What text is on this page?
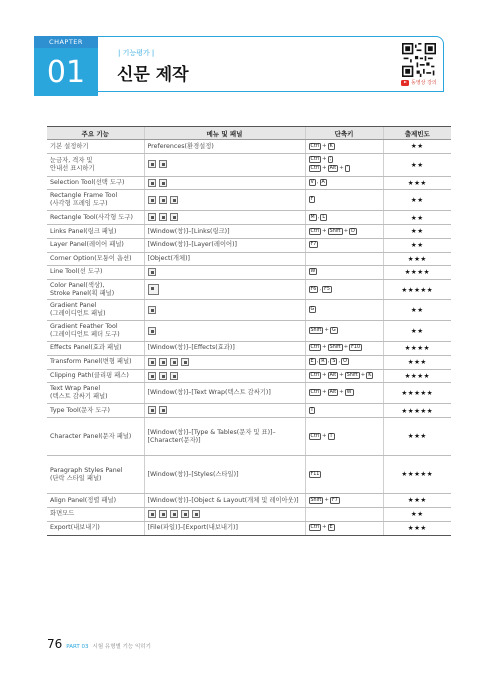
CHAPTER
01
| 기능평가 |
신문 제작	동영상 강의
주요 기능	메뉴 및 패널	단축키	출제빈도

기본 설정하기	Preferences(환경설정)	Ctrl + K	★★

눈금자, 격자 및
안내선 표시하기		Ctrl + ;
Ctrl + Alt + '	★★

Selection Tool(선택 도구)		V , A	★★★

Rectangle Frame Tool
(사각형 프레임 도구)		F	★★

Rectangle Tool(사각형 도구)		M , L	★★

Links Panel(링크 패널)	[Window(창)]–[Links(링크)]	Ctrl + Shift + D	★★

Layer Panel(레이어 패널)	[Window(창)]–[Layer(레이어)]	F7	★★

Corner Option(모퉁이 옵션)	[Object(개체)]		★★★

Line Tool(선 도구)		W	★★★★

Color Panel(색상),
Stroke Panel(획 패널)		F6 , F5	★★★★★

Gradient Panel
(그레이디언트 패널)		G	★★

Gradient Feather Tool
(그레이디언트 페더 도구)		Shift + G	★★

Effects Panel(효과 패널)	[Window(창)]–[Effects(효과)]	Ctrl + Shift + F10	★★★★

Transform Panel(변형 패널)		E , R , S , O	★★★

Clipping Path(클리핑 패스)		Ctrl + Alt + Shift + K	★★★★

Text Wrap Panel
(텍스트 감싸기 패널)	[Window(창)]–[Text Wrap(텍스트 감싸기)]	Ctrl + Alt + W	★★★★★

Type Tool(문자 도구)		T	★★★★★

Character Panel(문자 패널)	[Window(창)]–[Type & Tables(문자 및 표)]–
[Character(문자)]	Ctrl + T	★★★

Paragraph Styles Panel
(단락 스타일 패널)	[Window(창)]–[Styles(스타일)]	F11	★★★★★

Align Panel(정렬 패널)	[Window(창)]–[Object & Layout(개체 및 레이아웃)]	Shift + F7	★★★

화면모드			★★

Export(내보내기)	[File(파일)]–[Export(내보내기)]	Ctrl + E	★★★
76 PART 03 시험 유형별 기능 익히기
